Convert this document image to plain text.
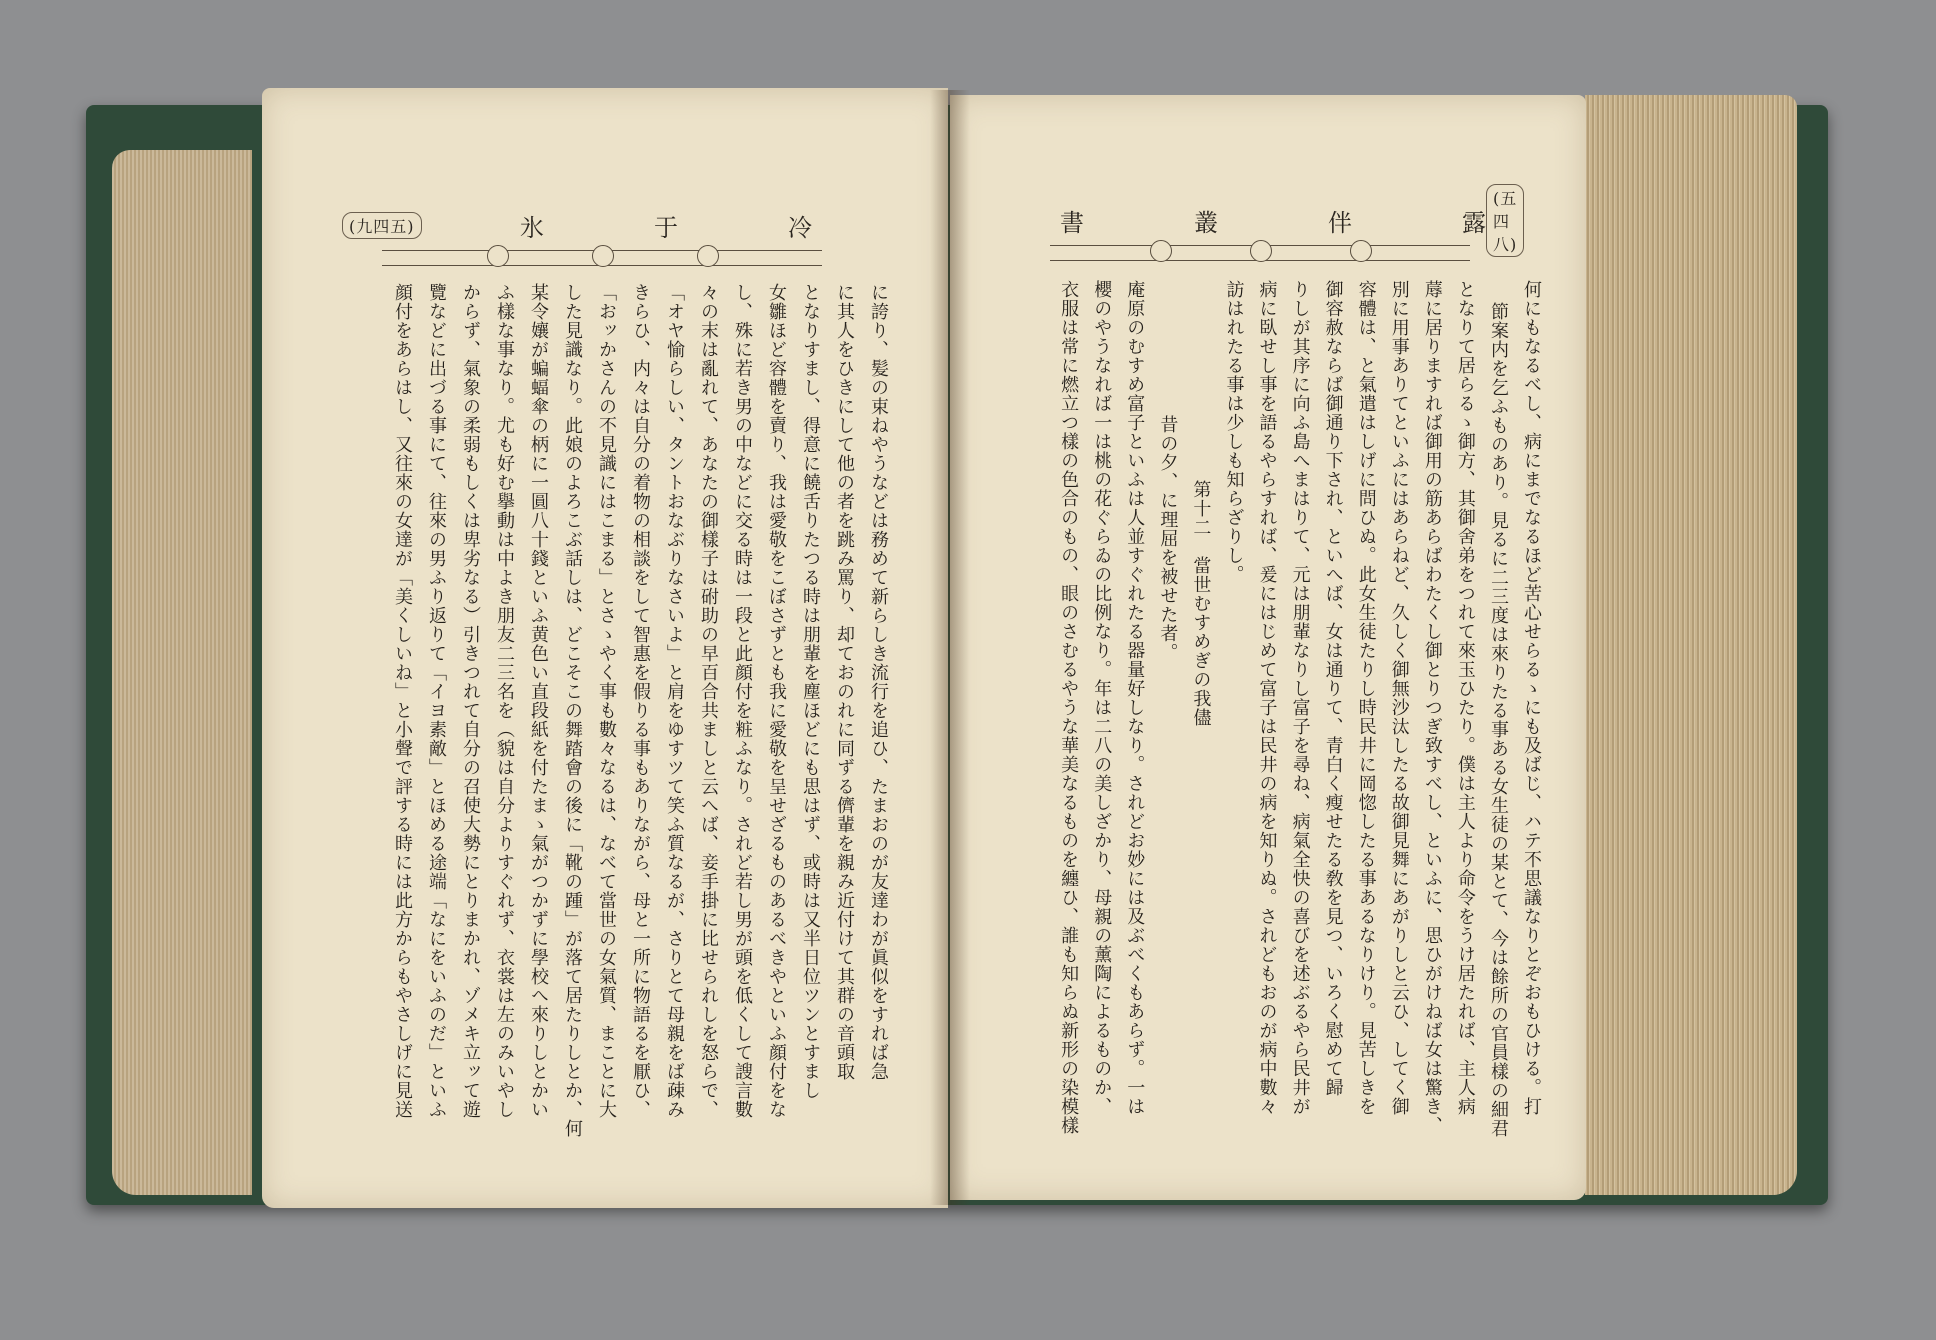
(九四五)	氷	于	冷
に誇り、髪の束ねやうなどは務めて新らしき流行を追ひ、たまおのが友達わが眞似をすれば急
に其人をひきにして他の者を跳み罵り、却ておのれに同ずる儕輩を親み近付けて其群の音頭取
となりすまし、得意に饒舌りたつる時は朋輩を塵ほどにも思はず、或時は又半日位ツンとすまし
女雛ほど容體を賣り、我は愛敬をこぼさずとも我に愛敬を呈せざるものあるべきやといふ顔付をな
し、殊に若き男の中などに交る時は一段と此顔付を粧ふなり。されど若し男が頭を低くして謏言數
々の末は亂れて、あなたの御樣子は䂤助の早百合共ましと云へば、妾手掛に比せられしを怒らで、
「オヤ愉らしい、タントおなぶりなさいよ」と肩をゆすツて笑ふ質なるが、さりとて母親をば疎み
きらひ、内々は自分の着物の相談をして智惠を假りる事もありながら、母と一所に物語るを厭ひ、
「おッかさんの不見識にはこまる」とさゝやく事も數々なるは、なべて當世の女氣質、まことに大
した見識なり。此娘のよろこぶ話しは、どこそこの舞踏會の後に「靴の踵」が落て居たりしとか、何
某令孃が蝙蝠傘の柄に一圓八十錢といふ黄色い直段紙を付たまゝ氣がつかずに學校へ來りしとかい
ふ樣な事なり。尤も好む擧動は中よき朋友二三名を（貌は自分よりすぐれず、衣裳は左のみいやし
からず、氣象の柔弱もしくは卑劣なる）引きつれて自分の召使大勢にとりまかれ、ゾメキ立ッて遊
覽などに出づる事にて、往來の男ふり返りて「イヨ素敵」とほめる途端「なにをいふのだ」といふ
顔付をあらはし、又往來の女達が「美くしいね」と小聲で評する時には此方からもやさしげに見送
書	叢	伴	露
(五四八)
何にもなるべし、病にまでなるほど苦心せらるゝにも及ばじ、ハテ不思議なりとぞおもひける。打
節案内を乞ふものあり。見るに二三度は來りたる事ある女生徒の某とて、今は餘所の官員樣の細君
となりて居らるゝ御方、其御舍弟をつれて來玉ひたり。僕は主人より命令をうけ居たれば、主人病
蓐に居りますれば御用の筋あらばわたくし御とりつぎ致すべし、といふに、思ひがけねば女は驚き、
別に用事ありてといふにはあらねど、久しく御無沙汰したる故御見舞にあがりしと云ひ、してく御
容體は、と氣遣はしげに問ひぬ。此女生徒たりし時民井に岡惚したる事あるなりけり。見苦しきを
御容赦ならば御通り下され、といへば、女は通りて、青白く瘦せたる敎を見つ、いろく慰めて歸
りしが其序に向ふ島へまはりて、元は朋輩なりし富子を尋ね、病氣全快の喜びを述ぶるやら民井が
病に臥せし事を語るやらすれば、爰にはじめて富子は民井の病を知りぬ。されどもおのが病中數々
訪はれたる事は少しも知らざりし。
第十二　當世むすめぎの我儘
昔の夕、に理屈を被せた者。
庵原のむすめ富子といふは人並すぐれたる器量好しなり。されどお妙には及ぶべくもあらず。一は
櫻のやうなれば一は桃の花ぐらゐの比例なり。年は二八の美しざかり、母親の薰陶によるものか、
衣服は常に燃立つ樣の色合のもの、眼のさむるやうな華美なるものを纏ひ、誰も知らぬ新形の染模樣
